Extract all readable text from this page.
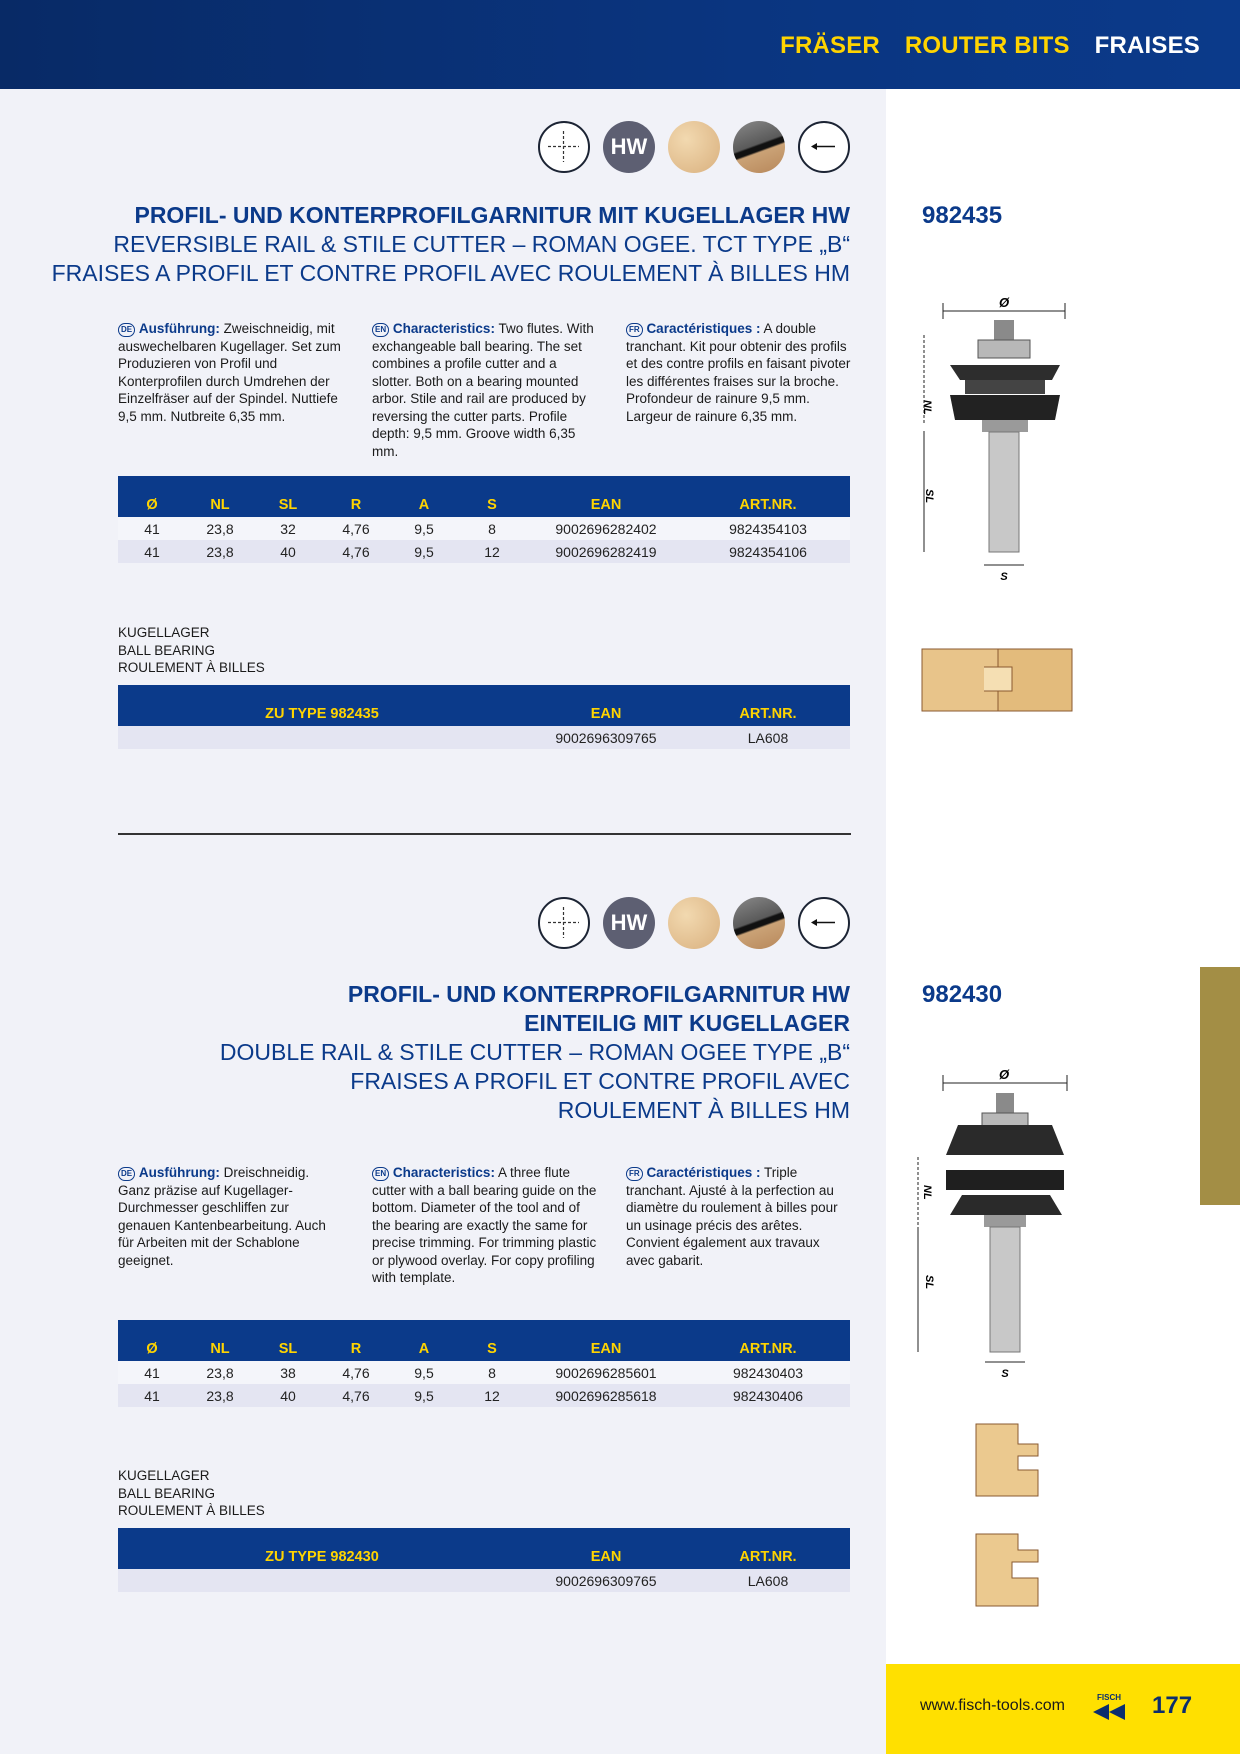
FRÄSER ROUTER BITS FRAISES
HW
PROFIL- UND KONTERPROFILGARNITUR MIT KUGELLAGER HW
REVERSIBLE RAIL & STILE CUTTER – ROMAN OGEE. TCT TYPE „B“
FRAISES A PROFIL ET CONTRE PROFIL AVEC ROULEMENT À BILLES HM
982435
DE Ausführung: Zweischneidig, mit auswechelbaren Kugellager. Set zum Produzieren von Profil und Konterprofilen durch Umdrehen der Einzelfräser auf der Spindel. Nuttiefe 9,5 mm. Nutbreite 6,35 mm.
EN Characteristics: Two flutes. With exchangeable ball bearing. The set combines a profile cutter and a slotter. Both on a bearing mounted arbor. Stile and rail are produced by reversing the cutter parts. Profile depth: 9,5 mm. Groove width 6,35 mm.
FR Caractéristiques : A double tranchant. Kit pour obtenir des profils et des contre profils en faisant pivoter les différentes fraises sur la broche. Profondeur de rainure 9,5 mm. Largeur de rainure 6,35 mm.
Ø	NL	SL	R	A	S	EAN	ART.NR.
41	23,8	32	4,76	9,5	8	9002696282402	9824354103
41	23,8	40	4,76	9,5	12	9002696282419	9824354106
KUGELLAGER
BALL BEARING
ROULEMENT À BILLES
ZU TYPE 982435	EAN	ART.NR.
	9002696309765	LA608
Ø
NL
SL
S
HW
PROFIL- UND KONTERPROFILGARNITUR HW
EINTEILIG MIT KUGELLAGER
DOUBLE RAIL & STILE CUTTER – ROMAN OGEE TYPE „B“
FRAISES A PROFIL ET CONTRE PROFIL AVEC
ROULEMENT À BILLES HM
982430
DE Ausführung: Dreischneidig. Ganz präzise auf Kugellager-Durchmesser geschliffen zur genauen Kantenbearbeitung. Auch für Arbeiten mit der Schablone geeignet.
EN Characteristics: A three flute cutter with a ball bearing guide on the bottom. Diameter of the tool and of the bearing are exactly the same for precise trimming. For trimming plastic or plywood overlay. For copy profiling with template.
FR Caractéristiques : Triple tranchant. Ajusté à la perfection au diamètre du roulement à billes pour un usinage précis des arêtes. Convient également aux travaux avec gabarit.
Ø	NL	SL	R	A	S	EAN	ART.NR.
41	23,8	38	4,76	9,5	8	9002696285601	982430403
41	23,8	40	4,76	9,5	12	9002696285618	982430406
KUGELLAGER
BALL BEARING
ROULEMENT À BILLES
ZU TYPE 982430	EAN	ART.NR.
	9002696309765	LA608
Ø
NL
SL
S
www.fisch-tools.com	FISCH 177
